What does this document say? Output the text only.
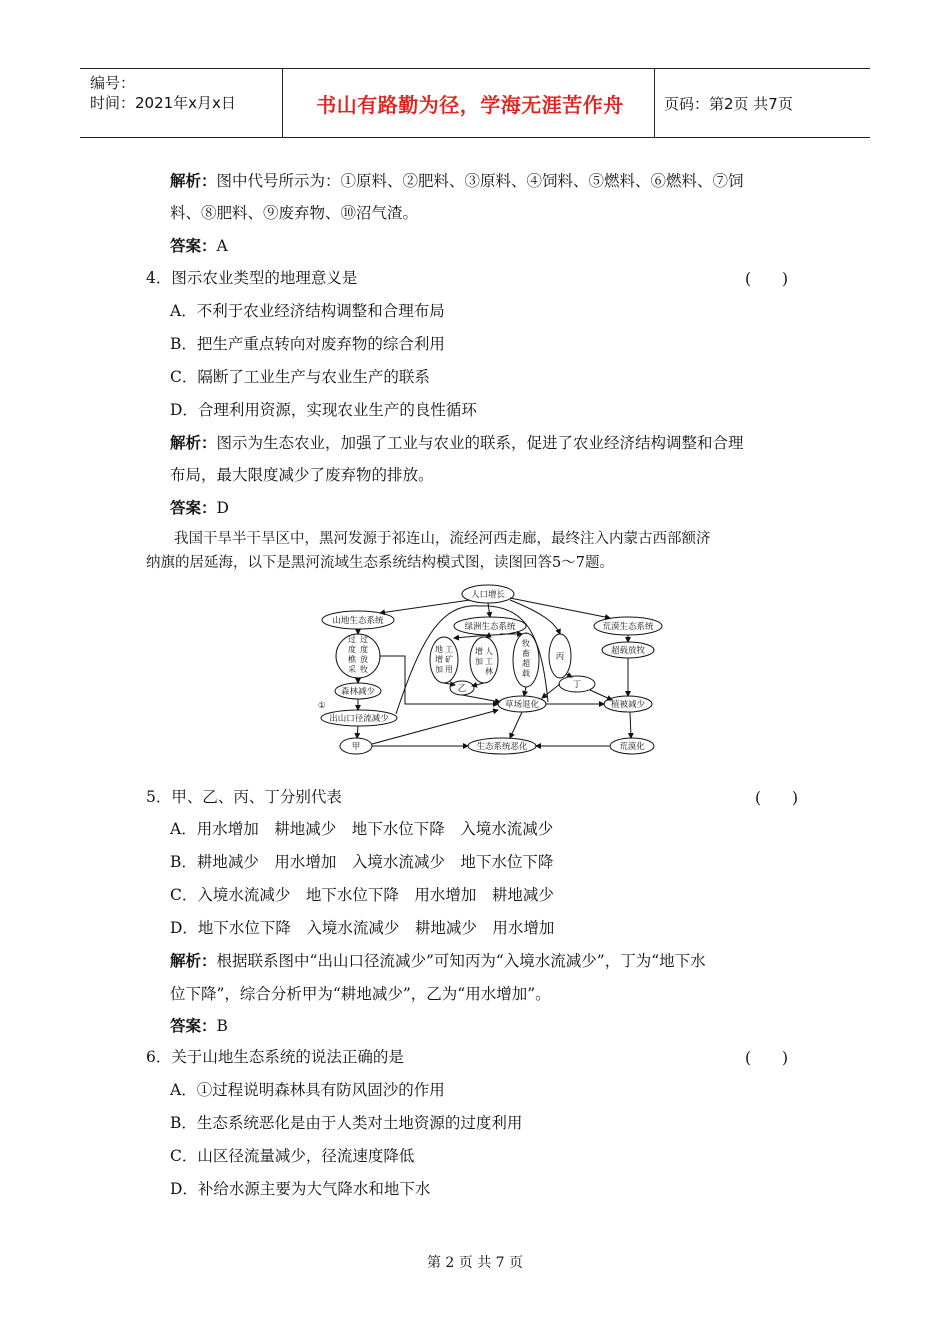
编号：
时间：2021年x月x日	书山有路勤为径，学海无涯苦作舟	页码：第2页 共7页
解析：图中代号所示为：①原料、②肥料、③原料、④饲料、⑤燃料、⑥燃料、⑦饲
料、⑧肥料、⑨废弃物、⑩沼气渣。
答案：A
4．图示农业类型的地理意义是	(　　)
A．不利于农业经济结构调整和合理布局
B．把生产重点转向对废弃物的综合利用
C．隔断了工业生产与农业生产的联系
D．合理利用资源，实现农业生产的良性循环
解析：图示为生态农业，加强了工业与农业的联系，促进了农业经济结构调整和合理
布局，最大限度减少了废弃物的排放。
答案：D
我国干旱半干旱区中，黑河发源于祁连山，流经河西走廊，最终注入内蒙古西部额济
纳旗的居延海，以下是黑河流域生态系统结构模式图，读图回答5～7题。
人口增长
山地生态系统
绿洲生态系统	荒漠生态系统
过
度
樵
采
过
度
放
牧
地 工
增 矿
加 用
增 人
加 工
林
牧
畜
超
载
森林减少
①
出山口径流减少
甲
乙
丙
丁
草场退化
超载放牧
植被减少
生态系统恶化	荒漠化
5．甲、乙、丙、丁分别代表	(　　)
A．用水增加　耕地减少　地下水位下降　入境水流减少
B．耕地减少　用水增加　入境水流减少　地下水位下降
C．入境水流减少　地下水位下降　用水增加　耕地减少
D．地下水位下降　入境水流减少　耕地减少　用水增加
解析：根据联系图中“出山口径流减少”可知丙为“入境水流减少”，丁为“地下水
位下降”，综合分析甲为“耕地减少”，乙为“用水增加”。
答案：B
6．关于山地生态系统的说法正确的是	(　　)
A．①过程说明森林具有防风固沙的作用
B．生态系统恶化是由于人类对土地资源的过度利用
C．山区径流量减少，径流速度降低
D．补给水源主要为大气降水和地下水
第 2 页 共 7 页
